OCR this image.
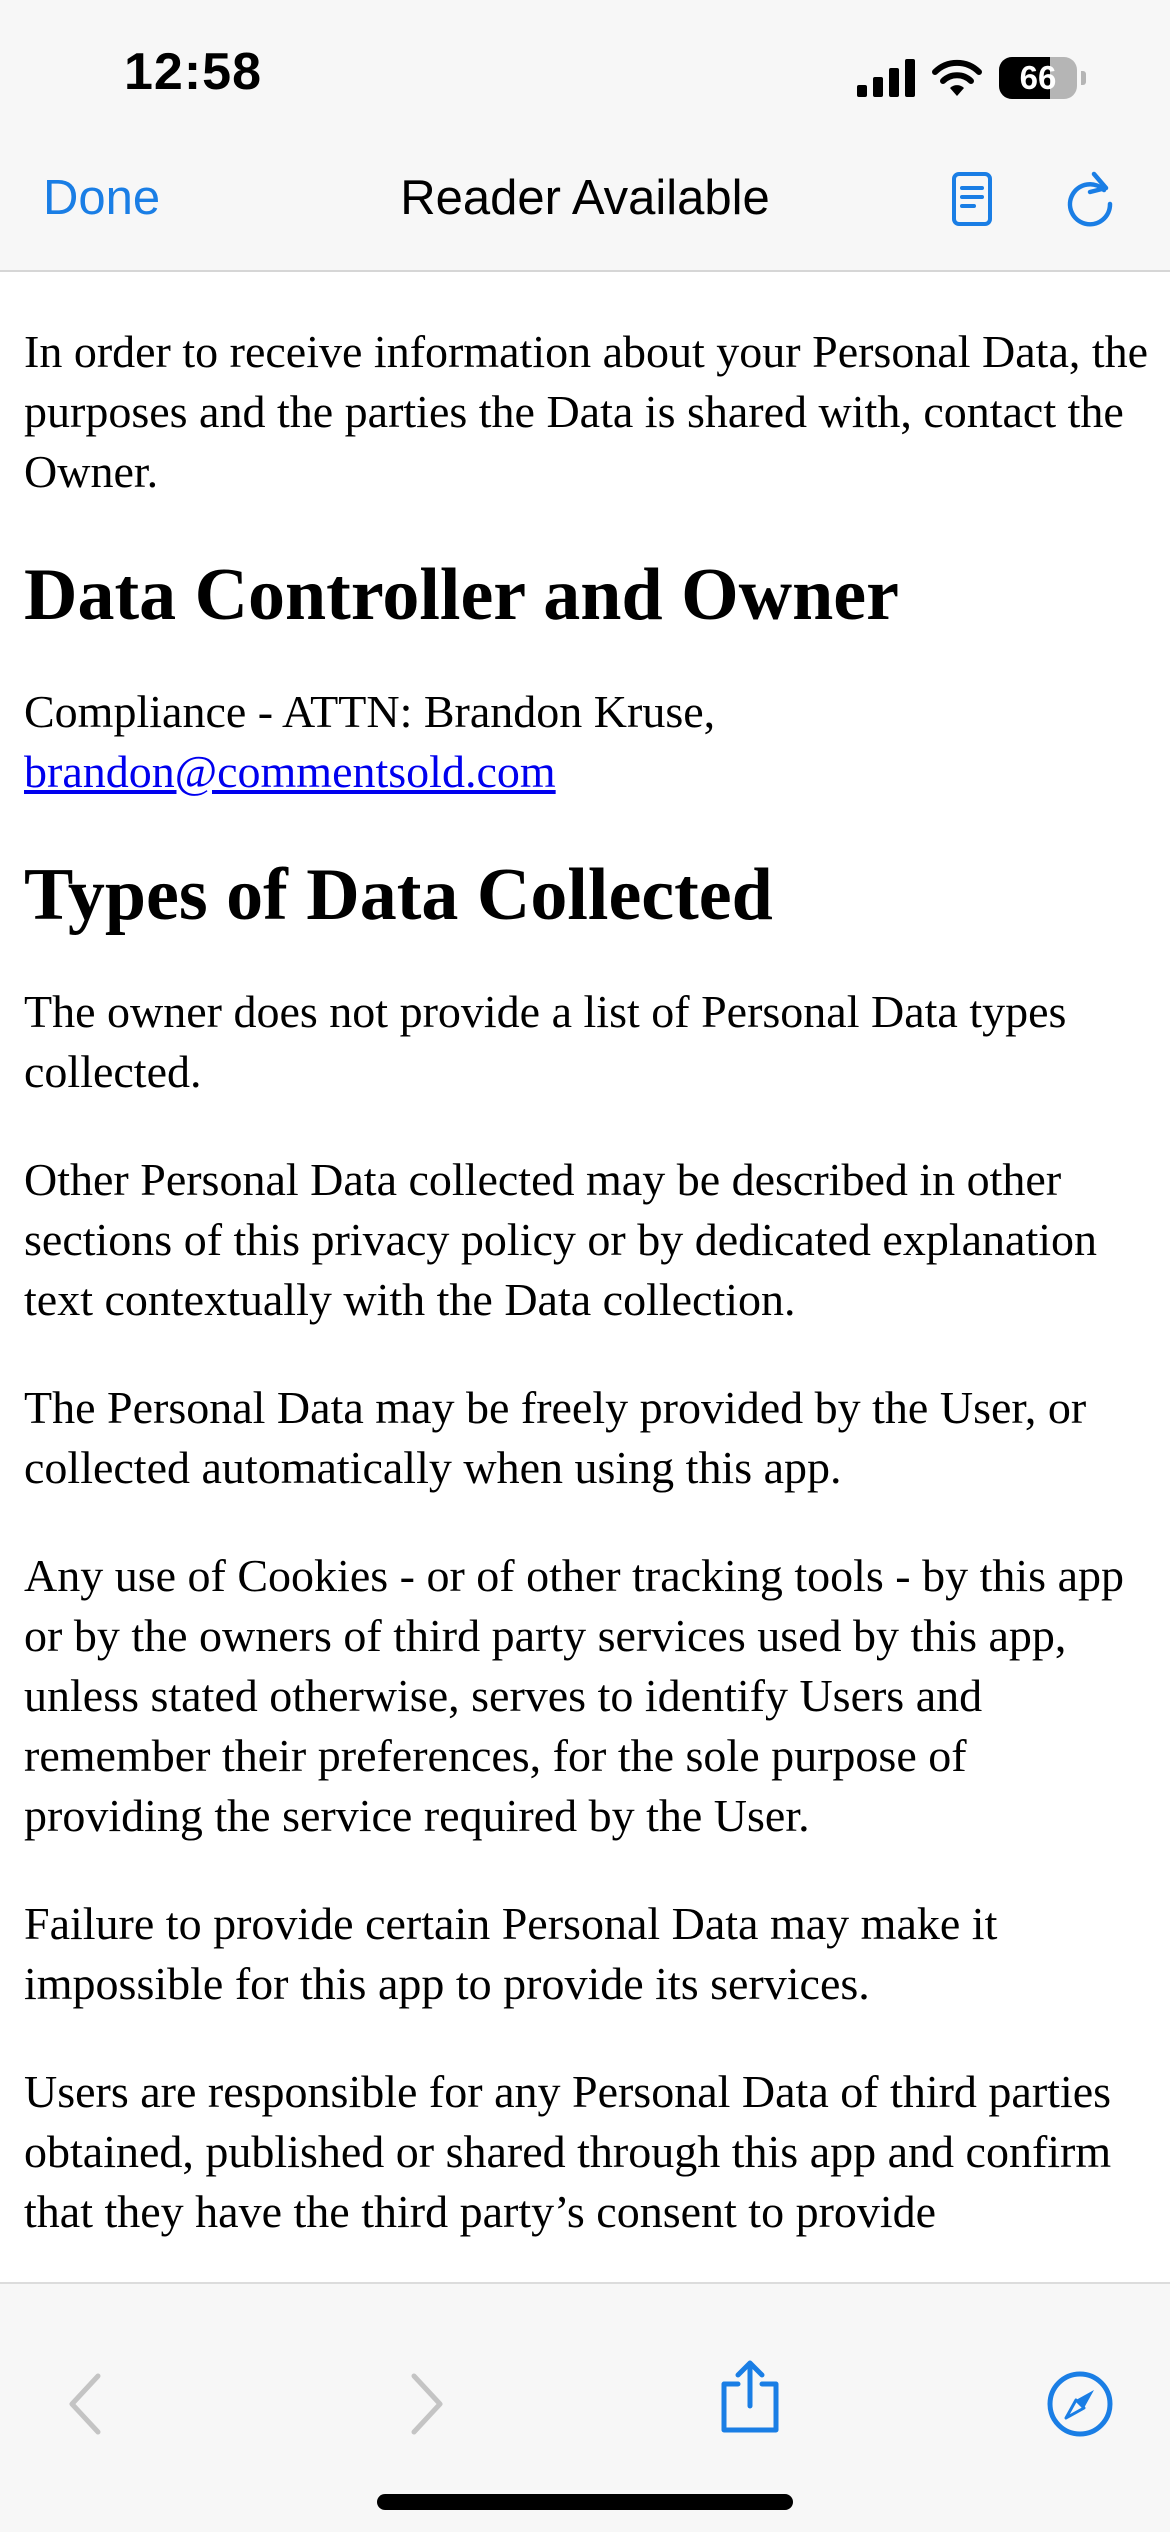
12:58	66
Done	Reader Available

In order to receive information about your Personal Data, the purposes and the parties the Data is shared with, contact the Owner.

Data Controller and Owner

Compliance - ATTN: Brandon Kruse,
brandon@commentsold.com

Types of Data Collected

The owner does not provide a list of Personal Data types collected.

Other Personal Data collected may be described in other sections of this privacy policy or by dedicated explanation text contextually with the Data collection.

The Personal Data may be freely provided by the User, or collected automatically when using this app.

Any use of Cookies - or of other tracking tools - by this app or by the owners of third party services used by this app, unless stated otherwise, serves to identify Users and remember their preferences, for the sole purpose of providing the service required by the User.

Failure to provide certain Personal Data may make it impossible for this app to provide its services.

Users are responsible for any Personal Data of third parties obtained, published or shared through this app and confirm that they have the third party’s consent to provide
